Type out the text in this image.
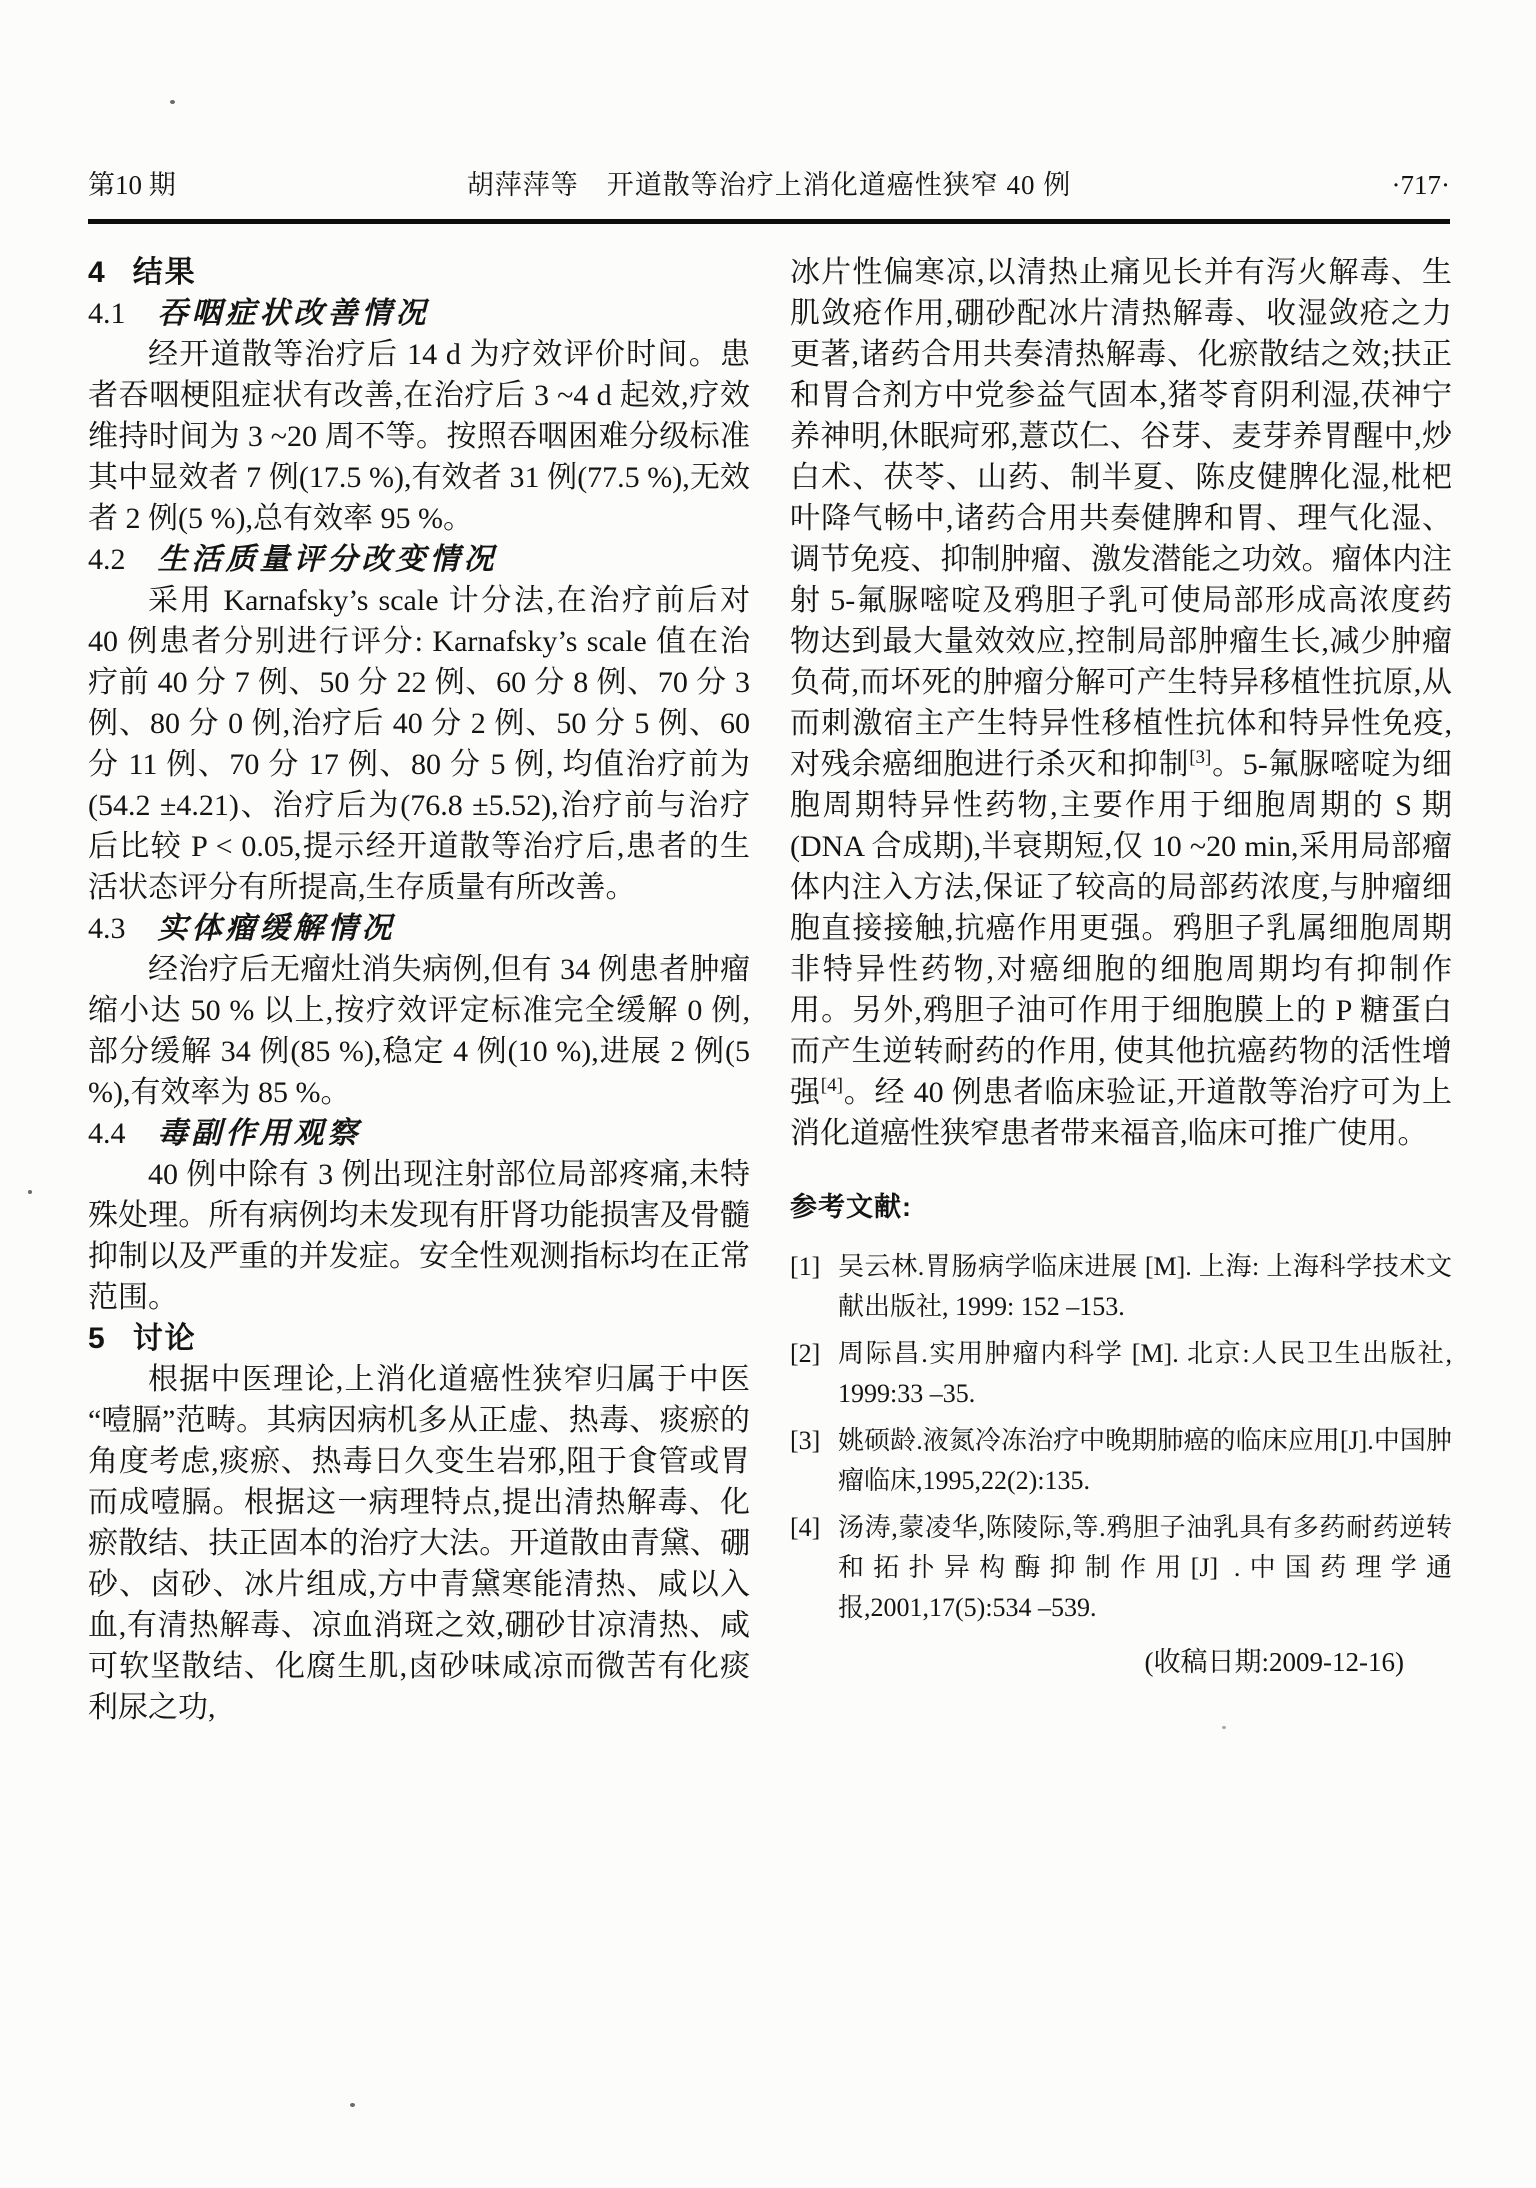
第10 期	胡萍萍等　开道散等治疗上消化道癌性狭窄 40 例	·717·
4 结果
4.1 吞咽症状改善情况

经开道散等治疗后 14 d 为疗效评价时间。患者吞咽梗阻症状有改善,在治疗后 3 ~4 d 起效,疗效维持时间为 3 ~20 周不等。按照吞咽困难分级标准其中显效者 7 例(17.5 %),有效者 31 例(77.5 %),无效者 2 例(5 %),总有效率 95 %。

4.2 生活质量评分改变情况

采用 Karnafsky’s scale 计分法,在治疗前后对 40 例患者分别进行评分: Karnafsky’s scale 值在治疗前 40 分 7 例、50 分 22 例、60 分 8 例、70 分 3 例、80 分 0 例,治疗后 40 分 2 例、50 分 5 例、60 分 11 例、70 分 17 例、80 分 5 例, 均值治疗前为(54.2 ±4.21)、治疗后为(76.8 ±5.52),治疗前与治疗后比较 P < 0.05,提示经开道散等治疗后,患者的生活状态评分有所提高,生存质量有所改善。

4.3 实体瘤缓解情况

经治疗后无瘤灶消失病例,但有 34 例患者肿瘤缩小达 50 % 以上,按疗效评定标准完全缓解 0 例,部分缓解 34 例(85 %),稳定 4 例(10 %),进展 2 例(5 %),有效率为 85 %。

4.4 毒副作用观察

40 例中除有 3 例出现注射部位局部疼痛,未特殊处理。所有病例均未发现有肝肾功能损害及骨髓抑制以及严重的并发症。安全性观测指标均在正常范围。

5 讨论

根据中医理论,上消化道癌性狭窄归属于中医“噎膈”范畴。其病因病机多从正虚、热毒、痰瘀的角度考虑,痰瘀、热毒日久变生岩邪,阻于食管或胃而成噎膈。根据这一病理特点,提出清热解毒、化瘀散结、扶正固本的治疗大法。开道散由青黛、硼砂、卤砂、冰片组成,方中青黛寒能清热、咸以入血,有清热解毒、凉血消斑之效,硼砂甘凉清热、咸可软坚散结、化腐生肌,卤砂味咸凉而微苦有化痰利尿之功,

冰片性偏寒凉,以清热止痛见长并有泻火解毒、生肌敛疮作用,硼砂配冰片清热解毒、收湿敛疮之力更著,诸药合用共奏清热解毒、化瘀散结之效;扶正和胃合剂方中党参益气固本,猪苓育阴利湿,茯神宁养神明,休眠疴邪,薏苡仁、谷芽、麦芽养胃醒中,炒白术、茯苓、山药、制半夏、陈皮健脾化湿,枇杷叶降气畅中,诸药合用共奏健脾和胃、理气化湿、调节免疫、抑制肿瘤、激发潜能之功效。瘤体内注射 5-氟脲嘧啶及鸦胆子乳可使局部形成高浓度药物达到最大量效效应,控制局部肿瘤生长,减少肿瘤负荷,而坏死的肿瘤分解可产生特异移植性抗原,从而刺激宿主产生特异性移植性抗体和特异性免疫,对残余癌细胞进行杀灭和抑制[3]。5-氟脲嘧啶为细胞周期特异性药物,主要作用于细胞周期的 S 期(DNA 合成期),半衰期短,仅 10 ~20 min,采用局部瘤体内注入方法,保证了较高的局部药浓度,与肿瘤细胞直接接触,抗癌作用更强。鸦胆子乳属细胞周期非特异性药物,对癌细胞的细胞周期均有抑制作用。另外,鸦胆子油可作用于细胞膜上的 P 糖蛋白而产生逆转耐药的作用, 使其他抗癌药物的活性增强[4]。经 40 例患者临床验证,开道散等治疗可为上消化道癌性狭窄患者带来福音,临床可推广使用。

参考文献:
[1] 吴云林.胃肠病学临床进展 [M]. 上海: 上海科学技术文献出版社, 1999: 152 –153.
[2] 周际昌.实用肿瘤内科学 [M]. 北京:人民卫生出版社, 1999:33 –35.
[3] 姚硕龄.液氮冷冻治疗中晚期肺癌的临床应用[J].中国肿瘤临床,1995,22(2):135.
[4] 汤涛,蒙凌华,陈陵际,等.鸦胆子油乳具有多药耐药逆转和拓扑异构酶抑制作用[J] .中国药理学通报,2001,17(5):534 –539.
(收稿日期:2009-12-16)
